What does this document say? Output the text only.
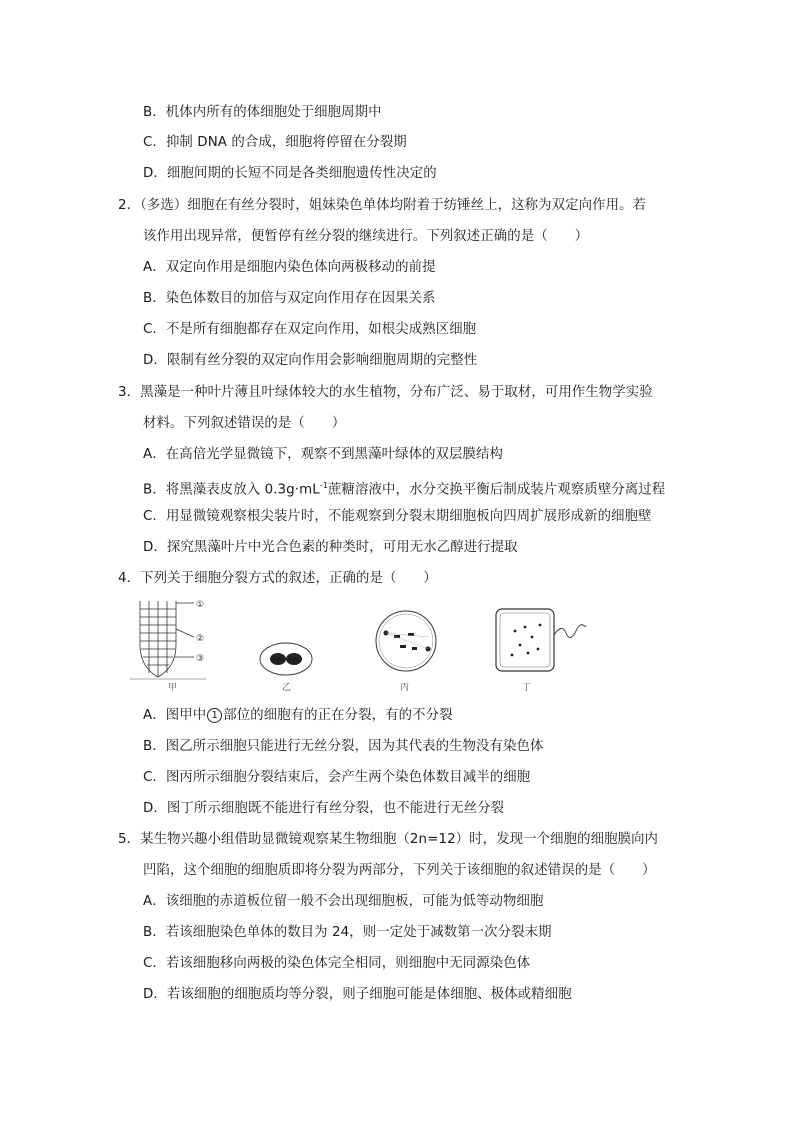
B．机体内所有的体细胞处于细胞周期中
C．抑制 DNA 的合成，细胞将停留在分裂期
D．细胞间期的长短不同是各类细胞遗传性决定的
2．（多选）细胞在有丝分裂时，姐妹染色单体均附着于纺锤丝上，这称为双定向作用。若
该作用出现异常，便暂停有丝分裂的继续进行。下列叙述正确的是（　　）
A．双定向作用是细胞内染色体向两极移动的前提
B．染色体数目的加倍与双定向作用存在因果关系
C．不是所有细胞都存在双定向作用，如根尖成熟区细胞
D．限制有丝分裂的双定向作用会影响细胞周期的完整性
3．黑藻是一种叶片薄且叶绿体较大的水生植物，分布广泛、易于取材，可用作生物学实验
材料。下列叙述错误的是（　　）
A．在高倍光学显微镜下，观察不到黑藻叶绿体的双层膜结构
B．将黑藻表皮放入 $0.3g\cdot mL^{-1}$蔗糖溶液中，水分交换平衡后制成装片观察质壁分离过程
C．用显微镜观察根尖装片时，不能观察到分裂末期细胞板向四周扩展形成新的细胞壁
D．探究黑藻叶片中光合色素的种类时，可用无水乙醇进行提取
4．下列关于细胞分裂方式的叙述，正确的是（　　）
①
②
③
甲	乙	丙	丁
A．图甲中 1 部位的细胞有的正在分裂，有的不分裂
B．图乙所示细胞只能进行无丝分裂，因为其代表的生物没有染色体
C．图丙所示细胞分裂结束后，会产生两个染色体数目减半的细胞
D．图丁所示细胞既不能进行有丝分裂，也不能进行无丝分裂
5．某生物兴趣小组借助显微镜观察某生物细胞（2n=12）时，发现一个细胞的细胞膜向内
凹陷，这个细胞的细胞质即将分裂为两部分，下列关于该细胞的叙述错误的是（　　）
A．该细胞的赤道板位留一般不会出现细胞板，可能为低等动物细胞
B．若该细胞染色单体的数目为 24，则一定处于减数第一次分裂末期
C．若该细胞移向两极的染色体完全相同，则细胞中无同源染色体
D．若该细胞的细胞质均等分裂，则子细胞可能是体细胞、极体或精细胞
